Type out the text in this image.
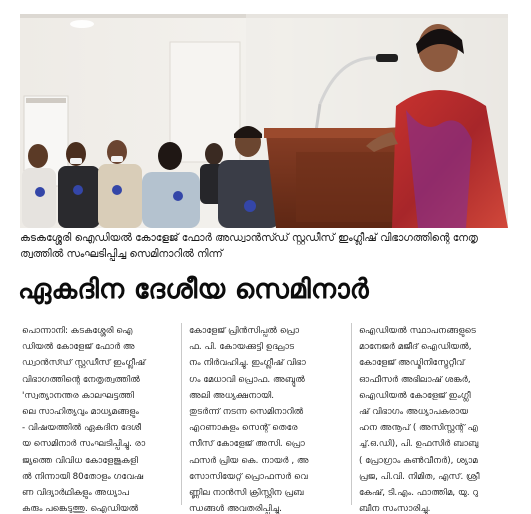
കടകശ്ശേരി ഐഡിയൽ കോളേജ് ഫോർ അഡ്വാൻസ്ഡ് സ്റ്റഡീസ് ഇംഗ്ലീഷ് വിഭാഗത്തിന്റെ നേതൃ
ത്വത്തിൽ സംഘടിപ്പിച്ച സെമിനാറിൽ നിന്ന്
ഏകദിന ദേശീയ സെമിനാർ
പൊന്നാനി: കടകശ്ശേരി ഐ
ഡിയൽ കോളേജ് ഫോർ അ
ഡ്വാൻസ്ഡ് സ്റ്റഡീസ് ഇംഗ്ലീഷ്
വിഭാഗത്തിന്റെ നേതൃത്വത്തിൽ
'സ്വത്യാനന്തര കാലഘട്ടത്തി
ലെ സാഹിത്യവും മാധ്യമങ്ങളും
- വിഷയത്തിൽ ഏകദിന ദേശീ
യ സെമിനാർ സംഘടിപ്പിച്ചു. രാ
ജ്യത്തെ വിവിധ കോളേജുകളി
ൽ നിന്നായി 80തോളം ഗവേഷ
ണ വിദ്യാർഥികളും അധ്യാപ
കരും പങ്കെടുത്തു. ഐഡിയൽ
കോളേജ് പ്രിൻസിപ്പൽ പ്രൊ
ഫ. പി. കോയക്കുട്ടി ഉദ്ഘാട
നം നിർവഹിച്ചു. ഇംഗ്ലീഷ് വിഭാ
ഗം മേധാവി പ്രൊഫ. അബ്ദുൽ
അലി അധ്യക്ഷനായി.
തുടർന്ന് നടന്ന സെമിനാറിൽ
എറണാകുളം സെന്റ് തെരേ
സീസ് കോളേജ് അസി. പ്രൊ
ഫസർ പ്രിയ കെ. നായർ , അ
സോസിയേറ്റ് പ്രൊഫസർ വെ
ണ്ണില നാൻസി ക്രിസ്റ്റിന പ്രബ
ന്ധങ്ങൾ അവതരിപ്പിച്ചു.
ഐഡിയൽ സ്ഥാപനങ്ങളുടെ
മാനേജർ മജീദ് ഐഡിയൽ,
കോളേജ് അഡ്മിനിസ്ട്രേറ്റീവ്
ഓഫീസർ അഭിലാഷ് ശങ്കർ,
ഐഡിയൽ കോളേജ് ഇംഗ്ലീ
ഷ് വിഭാഗം അധ്യാപകരായ
ഹന അനൂപ് ( അസിസ്റ്റന്റ് എ
ച്ച്.ഒ.ഡി), പി. ഉഫസിർ ബാബു
( പ്രോഗ്രാം കൺവീനർ), ശ്യാമ
പ്രജ, പി.വി. നിമിത, എസ്. ശ്രീ
കേഷ്, ടി.എം. ഫാത്തിമ, യു. റു
ബീന സംസാരിച്ചു.
